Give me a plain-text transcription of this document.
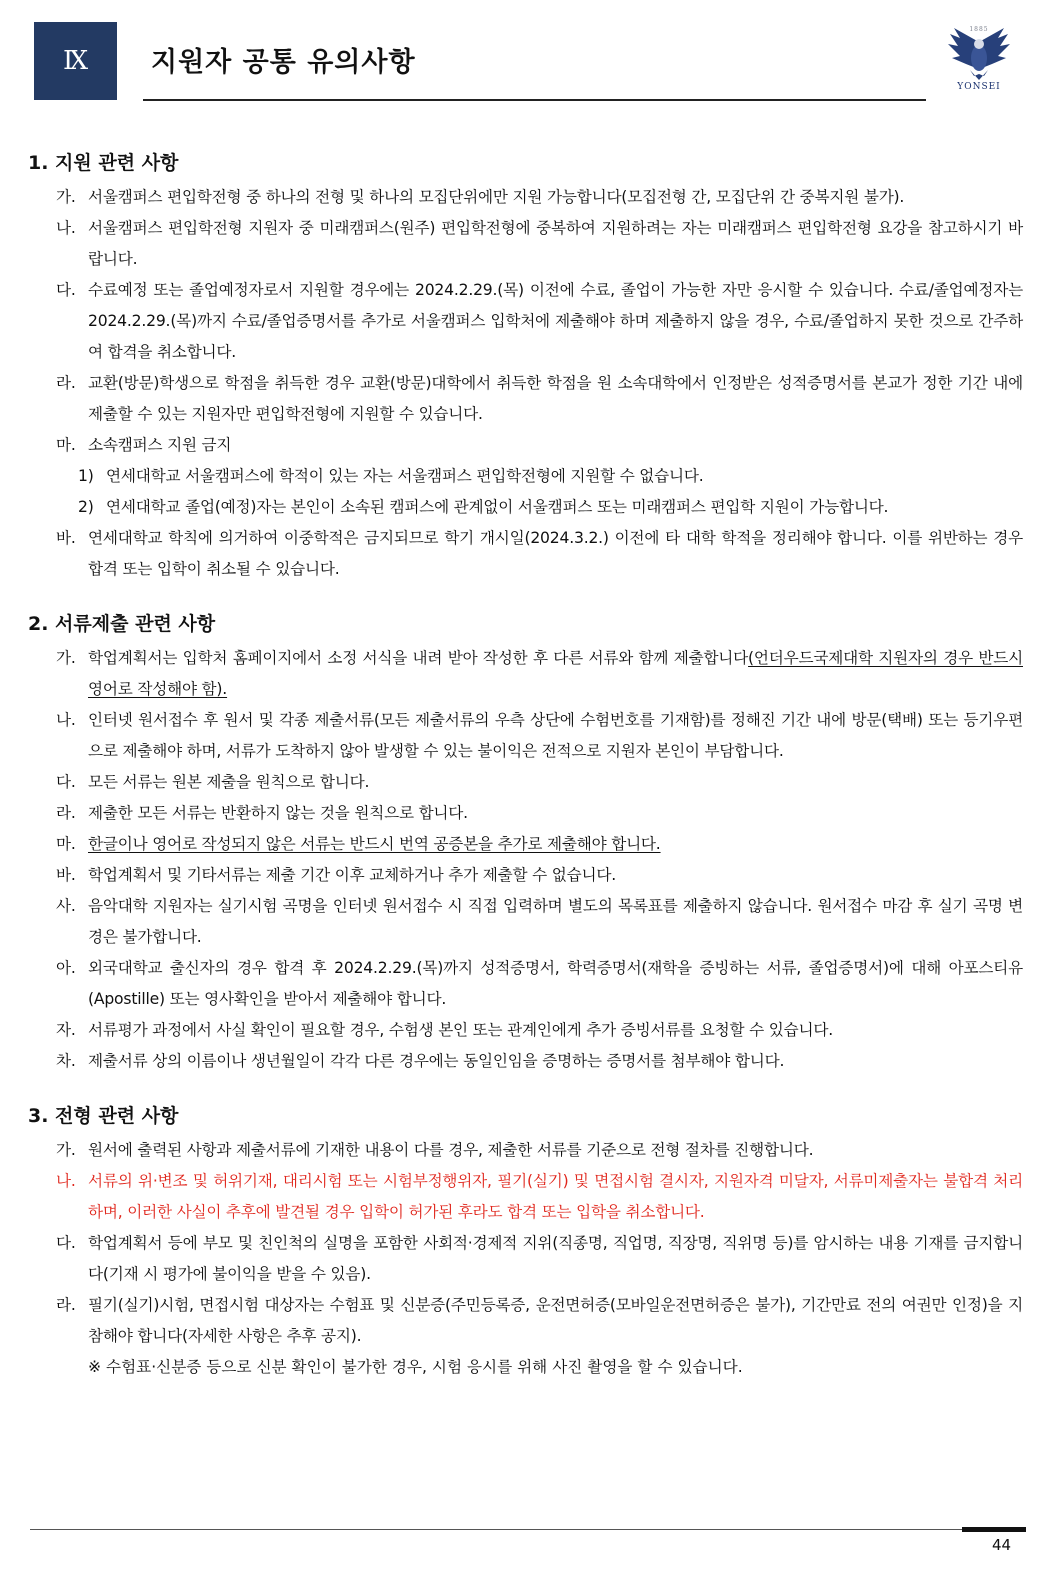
Ⅸ	지원자 공통 유의사항
1885
YONSEI
1. 지원 관련 사항
가. 서울캠퍼스 편입학전형 중 하나의 전형 및 하나의 모집단위에만 지원 가능합니다(모집전형 간, 모집단위 간 중복지원 불가).
나. 서울캠퍼스 편입학전형 지원자 중 미래캠퍼스(원주) 편입학전형에 중복하여 지원하려는 자는 미래캠퍼스 편입학전형 요강을 참고하시기 바랍니다.
다. 수료예정 또는 졸업예정자로서 지원할 경우에는 2024.2.29.(목) 이전에 수료, 졸업이 가능한 자만 응시할 수 있습니다. 수료/졸업예정자는 2024.2.29.(목)까지 수료/졸업증명서를 추가로 서울캠퍼스 입학처에 제출해야 하며 제출하지 않을 경우, 수료/졸업하지 못한 것으로 간주하여 합격을 취소합니다.
라. 교환(방문)학생으로 학점을 취득한 경우 교환(방문)대학에서 취득한 학점을 원 소속대학에서 인정받은 성적증명서를 본교가 정한 기간 내에 제출할 수 있는 지원자만 편입학전형에 지원할 수 있습니다.
마. 소속캠퍼스 지원 금지
1) 연세대학교 서울캠퍼스에 학적이 있는 자는 서울캠퍼스 편입학전형에 지원할 수 없습니다.
2) 연세대학교 졸업(예정)자는 본인이 소속된 캠퍼스에 관계없이 서울캠퍼스 또는 미래캠퍼스 편입학 지원이 가능합니다.
바. 연세대학교 학칙에 의거하여 이중학적은 금지되므로 학기 개시일(2024.3.2.) 이전에 타 대학 학적을 정리해야 합니다. 이를 위반하는 경우 합격 또는 입학이 취소될 수 있습니다.
2. 서류제출 관련 사항
가. 학업계획서는 입학처 홈페이지에서 소정 서식을 내려 받아 작성한 후 다른 서류와 함께 제출합니다(언더우드국제대학 지원자의 경우 반드시 영어로 작성해야 함).
나. 인터넷 원서접수 후 원서 및 각종 제출서류(모든 제출서류의 우측 상단에 수험번호를 기재함)를 정해진 기간 내에 방문(택배) 또는 등기우편으로 제출해야 하며, 서류가 도착하지 않아 발생할 수 있는 불이익은 전적으로 지원자 본인이 부담합니다.
다. 모든 서류는 원본 제출을 원칙으로 합니다.
라. 제출한 모든 서류는 반환하지 않는 것을 원칙으로 합니다.
마. 한글이나 영어로 작성되지 않은 서류는 반드시 번역 공증본을 추가로 제출해야 합니다.
바. 학업계획서 및 기타서류는 제출 기간 이후 교체하거나 추가 제출할 수 없습니다.
사. 음악대학 지원자는 실기시험 곡명을 인터넷 원서접수 시 직접 입력하며 별도의 목록표를 제출하지 않습니다. 원서접수 마감 후 실기 곡명 변경은 불가합니다.
아. 외국대학교 출신자의 경우 합격 후 2024.2.29.(목)까지 성적증명서, 학력증명서(재학을 증빙하는 서류, 졸업증명서)에 대해 아포스티유(Apostille) 또는 영사확인을 받아서 제출해야 합니다.
자. 서류평가 과정에서 사실 확인이 필요할 경우, 수험생 본인 또는 관계인에게 추가 증빙서류를 요청할 수 있습니다.
차. 제출서류 상의 이름이나 생년월일이 각각 다른 경우에는 동일인임을 증명하는 증명서를 첨부해야 합니다.
3. 전형 관련 사항
가. 원서에 출력된 사항과 제출서류에 기재한 내용이 다를 경우, 제출한 서류를 기준으로 전형 절차를 진행합니다.
나. 서류의 위·변조 및 허위기재, 대리시험 또는 시험부정행위자, 필기(실기) 및 면접시험 결시자, 지원자격 미달자, 서류미제출자는 불합격 처리하며, 이러한 사실이 추후에 발견될 경우 입학이 허가된 후라도 합격 또는 입학을 취소합니다.
다. 학업계획서 등에 부모 및 친인척의 실명을 포함한 사회적·경제적 지위(직종명, 직업명, 직장명, 직위명 등)를 암시하는 내용 기재를 금지합니다(기재 시 평가에 불이익을 받을 수 있음).
라. 필기(실기)시험, 면접시험 대상자는 수험표 및 신분증(주민등록증, 운전면허증(모바일운전면허증은 불가), 기간만료 전의 여권만 인정)을 지참해야 합니다(자세한 사항은 추후 공지).
※ 수험표·신분증 등으로 신분 확인이 불가한 경우, 시험 응시를 위해 사진 촬영을 할 수 있습니다.
44
